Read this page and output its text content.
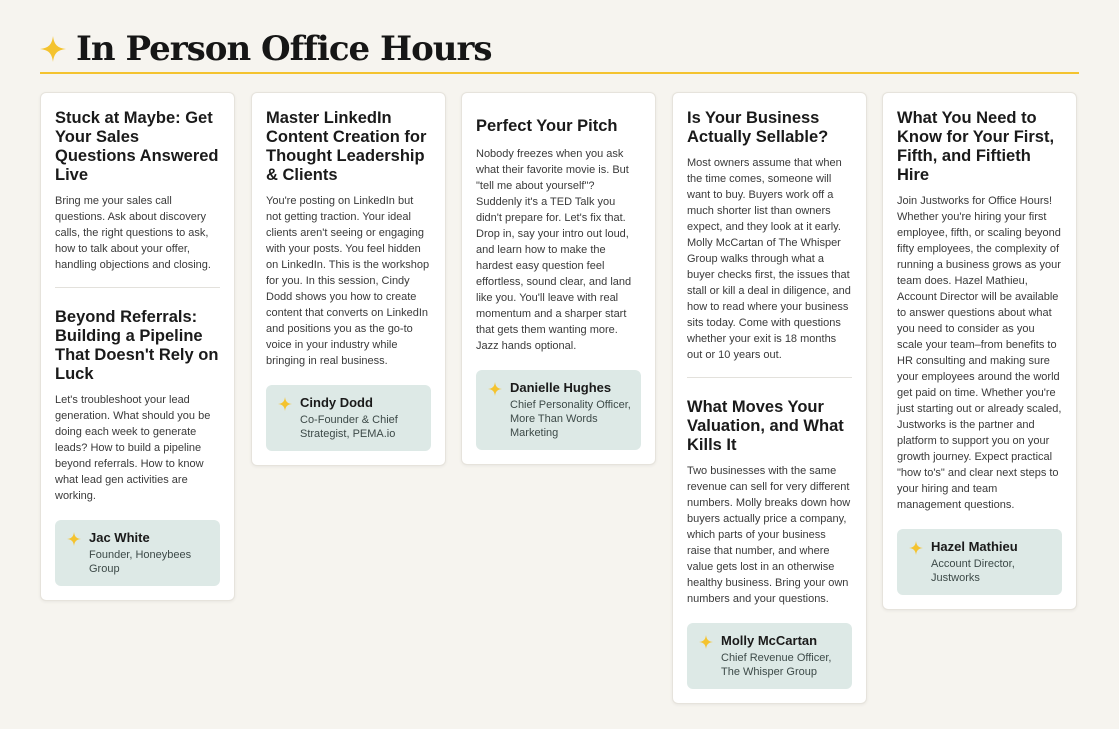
In Person Office Hours
Stuck at Maybe: Get Your Sales Questions Answered Live

Bring me your sales call questions. Ask about discovery calls, the right questions to ask, how to talk about your offer, handling objections and closing.

Beyond Referrals: Building a Pipeline That Doesn't Rely on Luck

Let's troubleshoot your lead generation. What should you be doing each week to generate leads? How to build a pipeline beyond referrals. How to know what lead gen activities are working.

Jac White
Founder, Honeybees Group
Master LinkedIn Content Creation for Thought Leadership & Clients

You're posting on LinkedIn but not getting traction. Your ideal clients aren't seeing or engaging with your posts. You feel hidden on LinkedIn. This is the workshop for you. In this session, Cindy Dodd shows you how to create content that converts on LinkedIn and positions you as the go-to voice in your industry while bringing in real business.

Cindy Dodd
Co-Founder & Chief Strategist, PEMA.io
Perfect Your Pitch

Nobody freezes when you ask what their favorite movie is. But "tell me about yourself"? Suddenly it's a TED Talk you didn't prepare for. Let's fix that. Drop in, say your intro out loud, and learn how to make the hardest easy question feel effortless, sound clear, and land like you. You'll leave with real momentum and a sharper start that gets them wanting more. Jazz hands optional.

Danielle Hughes
Chief Personality Officer, More Than Words Marketing
Is Your Business Actually Sellable?

Most owners assume that when the time comes, someone will want to buy. Buyers work off a much shorter list than owners expect, and they look at it early. Molly McCartan of The Whisper Group walks through what a buyer checks first, the issues that stall or kill a deal in diligence, and how to read where your business sits today. Come with questions whether your exit is 18 months out or 10 years out.

What Moves Your Valuation, and What Kills It

Two businesses with the same revenue can sell for very different numbers. Molly breaks down how buyers actually price a company, which parts of your business raise that number, and where value gets lost in an otherwise healthy business. Bring your own numbers and your questions.

Molly McCartan
Chief Revenue Officer, The Whisper Group
What You Need to Know for Your First, Fifth, and Fiftieth Hire

Join Justworks for Office Hours! Whether you're hiring your first employee, fifth, or scaling beyond fifty employees, the complexity of running a business grows as your team does. Hazel Mathieu, Account Director will be available to answer questions about what you need to consider as you scale your team–from benefits to HR consulting and making sure your employees around the world get paid on time. Whether you're just starting out or already scaled, Justworks is the partner and platform to support you on your growth journey. Expect practical "how to's" and clear next steps to your hiring and team management questions.

Hazel Mathieu
Account Director, Justworks
